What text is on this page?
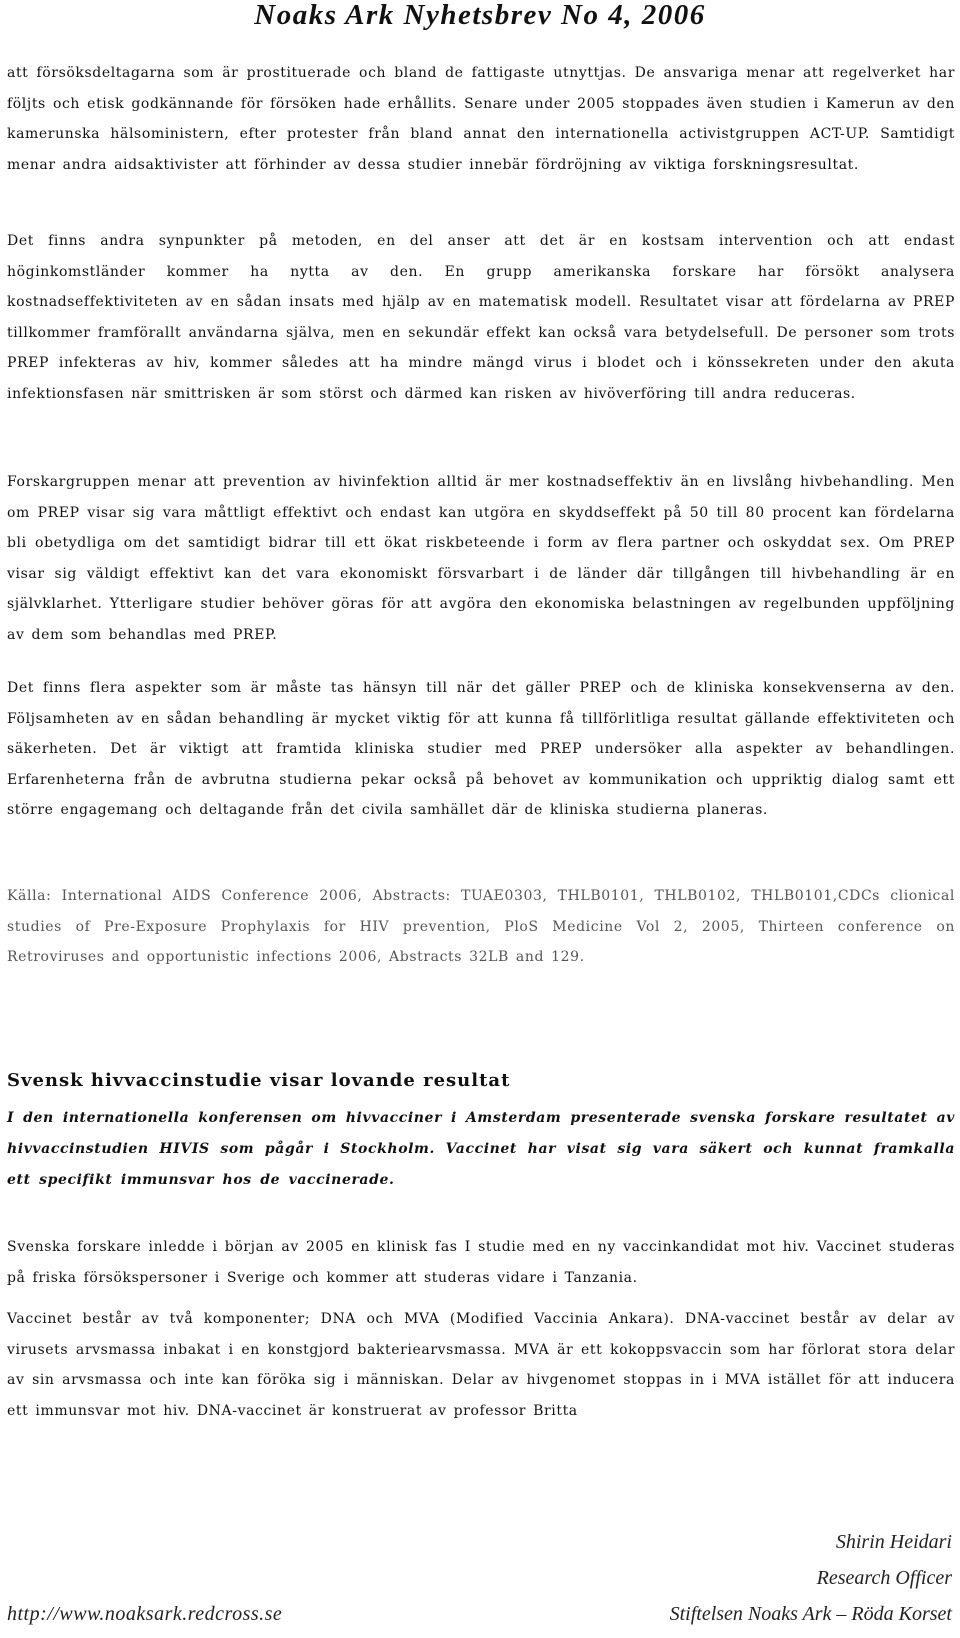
Noaks Ark Nyhetsbrev No 4, 2006

att försöksdeltagarna som är prostituerade och bland de fattigaste utnyttjas. De ansvariga menar att regelverket har följts och etisk godkännande för försöken hade erhållits. Senare under 2005 stoppades även studien i Kamerun av den kamerunska hälsoministern, efter protester från bland annat den internationella activistgruppen ACT-UP. Samtidigt menar andra aidsaktivister att förhinder av dessa studier innebär fördröjning av viktiga forskningsresultat.

Det finns andra synpunkter på metoden, en del anser att det är en kostsam intervention och att endast höginkomstländer kommer ha nytta av den. En grupp amerikanska forskare har försökt analysera kostnadseffektiviteten av en sådan insats med hjälp av en matematisk modell. Resultatet visar att fördelarna av PREP tillkommer framförallt användarna själva, men en sekundär effekt kan också vara betydelsefull. De personer som trots PREP infekteras av hiv, kommer således att ha mindre mängd virus i blodet och i könssekreten under den akuta infektionsfasen när smittrisken är som störst och därmed kan risken av hivöverföring till andra reduceras.

Forskargruppen menar att prevention av hivinfektion alltid är mer kostnadseffektiv än en livslång hivbehandling. Men om PREP visar sig vara måttligt effektivt och endast kan utgöra en skyddseffekt på 50 till 80 procent kan fördelarna bli obetydliga om det samtidigt bidrar till ett ökat riskbeteende i form av flera partner och oskyddat sex. Om PREP visar sig väldigt effektivt kan det vara ekonomiskt försvarbart i de länder där tillgången till hivbehandling är en självklarhet. Ytterligare studier behöver göras för att avgöra den ekonomiska belastningen av regelbunden uppföljning av dem som behandlas med PREP.

Det finns flera aspekter som är måste tas hänsyn till när det gäller PREP och de kliniska konsekvenserna av den. Följsamheten av en sådan behandling är mycket viktig för att kunna få tillförlitliga resultat gällande effektiviteten och säkerheten. Det är viktigt att framtida kliniska studier med PREP undersöker alla aspekter av behandlingen. Erfarenheterna från de avbrutna studierna pekar också på behovet av kommunikation och uppriktig dialog samt ett större engagemang och deltagande från det civila samhället där de kliniska studierna planeras.

Källa: International AIDS Conference 2006, Abstracts: TUAE0303, THLB0101, THLB0102, THLB0101,CDCs clionical studies of Pre-Exposure Prophylaxis for HIV prevention, PloS Medicine Vol 2, 2005, Thirteen conference on Retroviruses and opportunistic infections 2006, Abstracts 32LB and 129.

Svensk hivvaccinstudie visar lovande resultat

I den internationella konferensen om hivvacciner i Amsterdam presenterade svenska forskare resultatet av hivvaccinstudien HIVIS som pågår i Stockholm. Vaccinet har visat sig vara säkert och kunnat framkalla ett specifikt immunsvar hos de vaccinerade.

Svenska forskare inledde i början av 2005 en klinisk fas I studie med en ny vaccinkandidat mot hiv. Vaccinet studeras på friska försökspersoner i Sverige och kommer att studeras vidare i Tanzania.

Vaccinet består av två komponenter; DNA och MVA (Modified Vaccinia Ankara). DNA-vaccinet består av delar av virusets arvsmassa inbakat i en konstgjord bakteriearvsmassa. MVA är ett kokoppsvaccin som har förlorat stora delar av sin arvsmassa och inte kan föröka sig i människan. Delar av hivgenomet stoppas in i MVA istället för att inducera ett immunsvar mot hiv. DNA-vaccinet är konstruerat av professor Britta

Shirin Heidari

Research Officer

Stiftelsen Noaks Ark – Röda Korset

http://www.noaksark.redcross.se
